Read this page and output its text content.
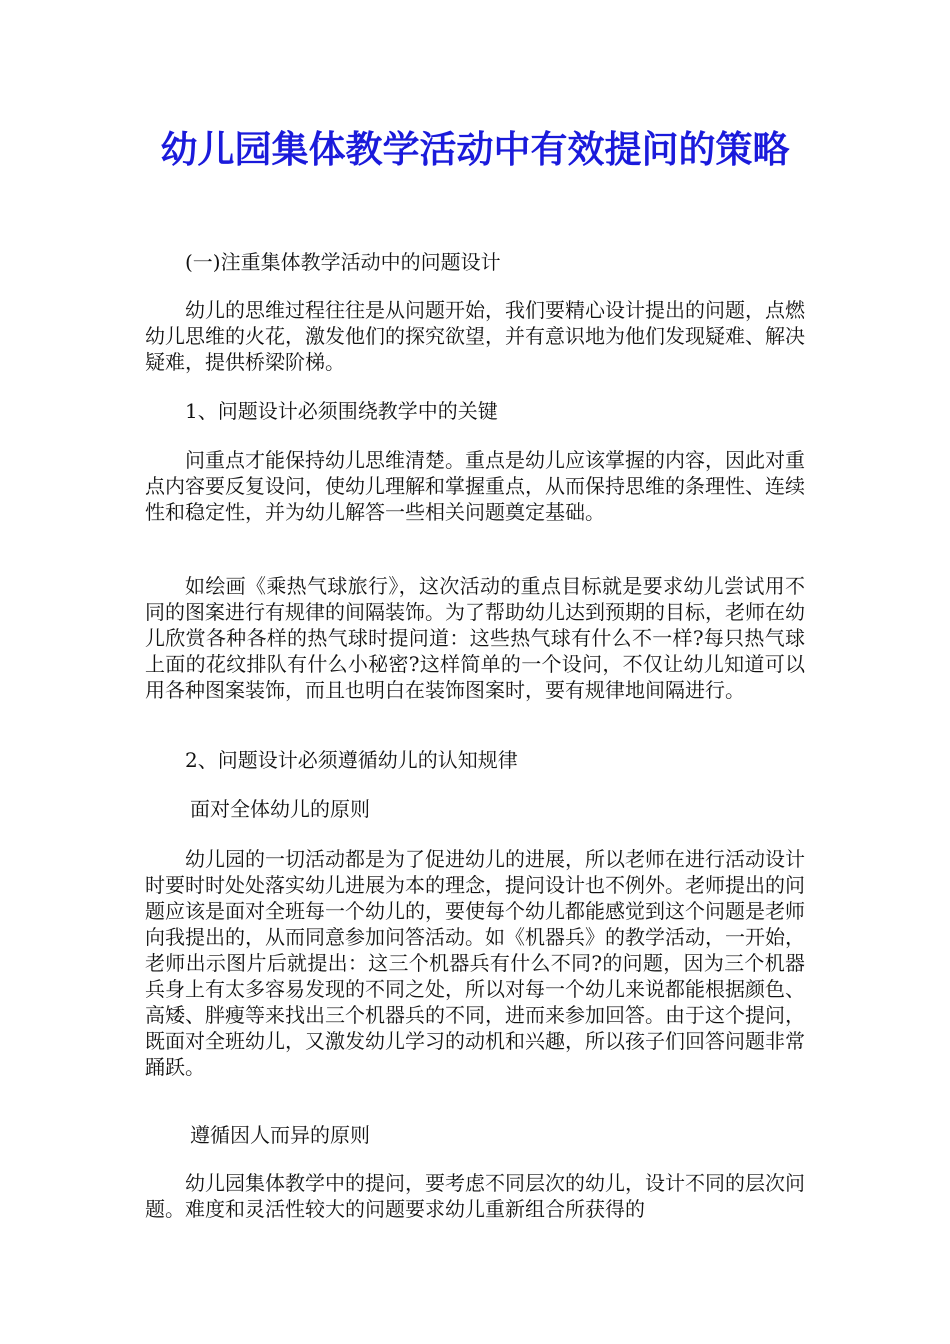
幼儿园集体教学活动中有效提问的策略

(一)注重集体教学活动中的问题设计

幼儿的思维过程往往是从问题开始，我们要精心设计提出的问题，点燃幼儿思维的火花，激发他们的探究欲望，并有意识地为他们发现疑难、解决疑难，提供桥梁阶梯。

1、问题设计必须围绕教学中的关键

问重点才能保持幼儿思维清楚。重点是幼儿应该掌握的内容，因此对重点内容要反复设问，使幼儿理解和掌握重点，从而保持思维的条理性、连续性和稳定性，并为幼儿解答一些相关问题奠定基础。

如绘画《乘热气球旅行》，这次活动的重点目标就是要求幼儿尝试用不同的图案进行有规律的间隔装饰。为了帮助幼儿达到预期的目标，老师在幼儿欣赏各种各样的热气球时提问道：这些热气球有什么不一样?每只热气球上面的花纹排队有什么小秘密?这样简单的一个设问，不仅让幼儿知道可以用各种图案装饰，而且也明白在装饰图案时，要有规律地间隔进行。

2、问题设计必须遵循幼儿的认知规律

面对全体幼儿的原则

幼儿园的一切活动都是为了促进幼儿的进展，所以老师在进行活动设计时要时时处处落实幼儿进展为本的理念，提问设计也不例外。老师提出的问题应该是面对全班每一个幼儿的，要使每个幼儿都能感觉到这个问题是老师向我提出的，从而同意参加问答活动。如《机器兵》的教学活动，一开始，老师出示图片后就提出：这三个机器兵有什么不同?的问题，因为三个机器兵身上有太多容易发现的不同之处，所以对每一个幼儿来说都能根据颜色、高矮、胖瘦等来找出三个机器兵的不同，进而来参加回答。由于这个提问，既面对全班幼儿，又激发幼儿学习的动机和兴趣，所以孩子们回答问题非常踊跃。

遵循因人而异的原则

幼儿园集体教学中的提问，要考虑不同层次的幼儿，设计不同的层次问题。难度和灵活性较大的问题要求幼儿重新组合所获得的
